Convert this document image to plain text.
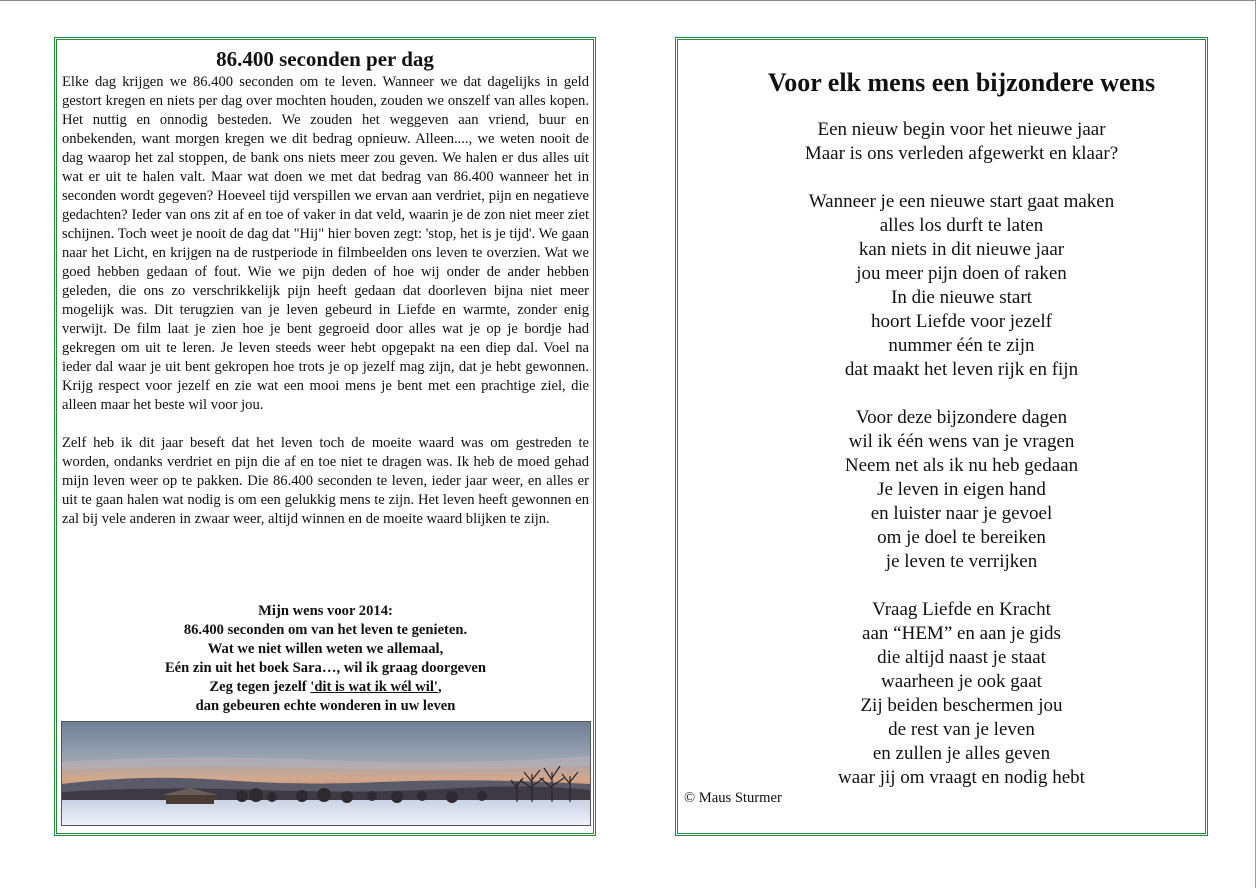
86.400 seconden per dag

Elke dag krijgen we 86.400 seconden om te leven. Wanneer we dat dagelijks in geld gestort kregen en niets per dag over mochten houden, zouden we onszelf van alles kopen. Het nuttig en onnodig besteden. We zouden het weggeven aan vriend, buur en onbekenden, want morgen kregen we dit bedrag opnieuw. Alleen...., we weten nooit de dag waarop het zal stoppen, de bank ons niets meer zou geven. We halen er dus alles uit wat er uit te halen valt. Maar wat doen we met dat bedrag van 86.400 wanneer het in seconden wordt gegeven? Hoeveel tijd verspillen we ervan aan verdriet, pijn en negatieve gedachten? Ieder van ons zit af en toe of vaker in dat veld, waarin je de zon niet meer ziet schijnen. Toch weet je nooit de dag dat "Hij" hier boven zegt: 'stop, het is je tijd'. We gaan naar het Licht, en krijgen na de rustperiode in filmbeelden ons leven te overzien. Wat we goed hebben gedaan of fout. Wie we pijn deden of hoe wij onder de ander hebben geleden, die ons zo verschrikkelijk pijn heeft gedaan dat doorleven bijna niet meer mogelijk was. Dit terugzien van je leven gebeurd in Liefde en warmte, zonder enig verwijt. De film laat je zien hoe je bent gegroeid door alles wat je op je bordje had gekregen om uit te leren. Je leven steeds weer hebt opgepakt na een diep dal. Voel na ieder dal waar je uit bent gekropen hoe trots je op jezelf mag zijn, dat je hebt gewonnen. Krijg respect voor jezelf en zie wat een mooi mens je bent met een prachtige ziel, die alleen maar het beste wil voor jou.

Zelf heb ik dit jaar beseft dat het leven toch de moeite waard was om gestreden te worden, ondanks verdriet en pijn die af en toe niet te dragen was. Ik heb de moed gehad mijn leven weer op te pakken. Die 86.400 seconden te leven, ieder jaar weer, en alles er uit te gaan halen wat nodig is om een gelukkig mens te zijn. Het leven heeft gewonnen en zal bij vele anderen in zwaar weer, altijd winnen en de moeite waard blijken te zijn.

Mijn wens voor 2014:
86.400 seconden om van het leven te genieten.
Wat we niet willen weten we allemaal,
Eén zin uit het boek Sara…, wil ik graag doorgeven
Zeg tegen jezelf 'dit is wat ik wél wil',
dan gebeuren echte wonderen in uw leven
Voor elk mens een bijzondere wens

Een nieuw begin voor het nieuwe jaar
Maar is ons verleden afgewerkt en klaar?

Wanneer je een nieuwe start gaat maken
alles los durft te laten
kan niets in dit nieuwe jaar
jou meer pijn doen of raken
In die nieuwe start
hoort Liefde voor jezelf
nummer één te zijn
dat maakt het leven rijk en fijn

Voor deze bijzondere dagen
wil ik één wens van je vragen
Neem net als ik nu heb gedaan
Je leven in eigen hand
en luister naar je gevoel
om je doel te bereiken
je leven te verrijken

Vraag Liefde en Kracht
aan “HEM” en aan je gids
die altijd naast je staat
waarheen je ook gaat
Zij beiden beschermen jou
de rest van je leven
en zullen je alles geven
waar jij om vraagt en nodig hebt

© Maus Sturmer
